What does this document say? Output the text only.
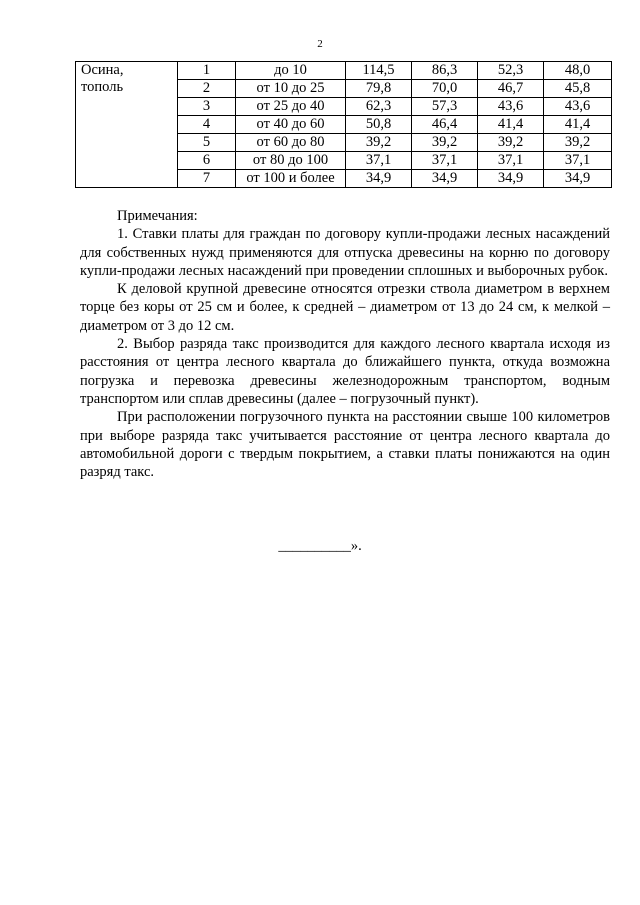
2
Осина,
тополь	1	до 10	114,5	86,3	52,3	48,0
	2	от 10 до 25	79,8	70,0	46,7	45,8
	3	от 25 до 40	62,3	57,3	43,6	43,6
	4	от 40 до 60	50,8	46,4	41,4	41,4
	5	от 60 до 80	39,2	39,2	39,2	39,2
	6	от 80 до 100	37,1	37,1	37,1	37,1
	7	от 100 и более	34,9	34,9	34,9	34,9

Примечания:

1. Ставки платы для граждан по договору купли-продажи лесных насаждений для собственных нужд применяются для отпуска древесины на корню по договору купли-продажи лесных насаждений при проведении сплошных и выборочных рубок.

К деловой крупной древесине относятся отрезки ствола диаметром в верхнем торце без коры от 25 см и более, к средней – диаметром от 13 до 24 см, к мелкой – диаметром от 3 до 12 см.

2. Выбор разряда такс производится для каждого лесного квартала исходя из расстояния от центра лесного квартала до ближайшего пункта, откуда возможна погрузка и перевозка древесины железнодорожным транспортом, водным транспортом или сплав древесины (далее – погрузочный пункт).

При расположении погрузочного пункта на расстоянии свыше 100 километров при выборе разряда такс учитывается расстояние от центра лесного квартала до автомобильной дороги с твердым покрытием, а ставки платы понижаются на один разряд такс.

__________».
